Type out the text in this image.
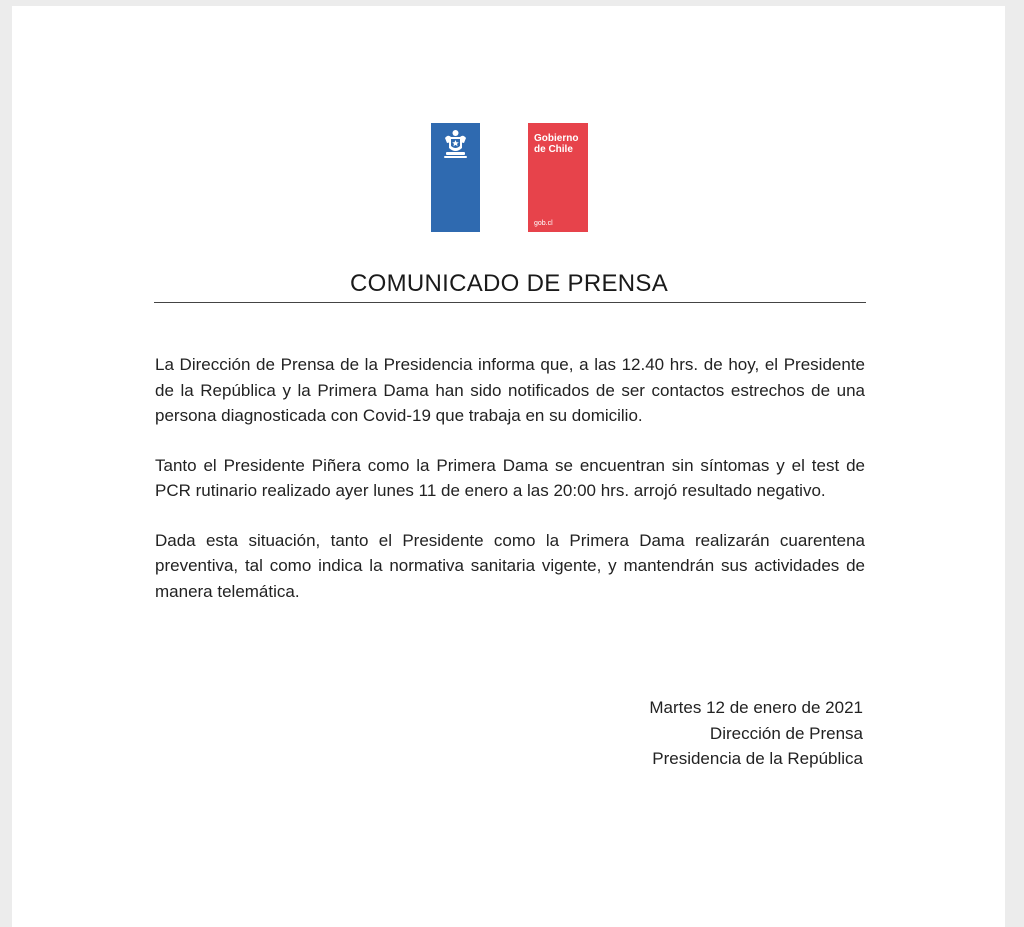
Gobierno
de Chile
gob.cl
COMUNICADO DE PRENSA

La Dirección de Prensa de la Presidencia informa que, a las 12.40 hrs. de hoy, el Presidente de la República y la Primera Dama han sido notificados de ser contactos estrechos de una persona diagnosticada con Covid-19 que trabaja en su domicilio.

Tanto el Presidente Piñera como la Primera Dama se encuentran sin síntomas y el test de PCR rutinario realizado ayer lunes 11 de enero a las 20:00 hrs. arrojó resultado negativo.

Dada esta situación, tanto el Presidente como la Primera Dama realizarán cuarentena preventiva, tal como indica la normativa sanitaria vigente, y mantendrán sus actividades de manera telemática.

Martes 12 de enero de 2021
Dirección de Prensa
Presidencia de la República
